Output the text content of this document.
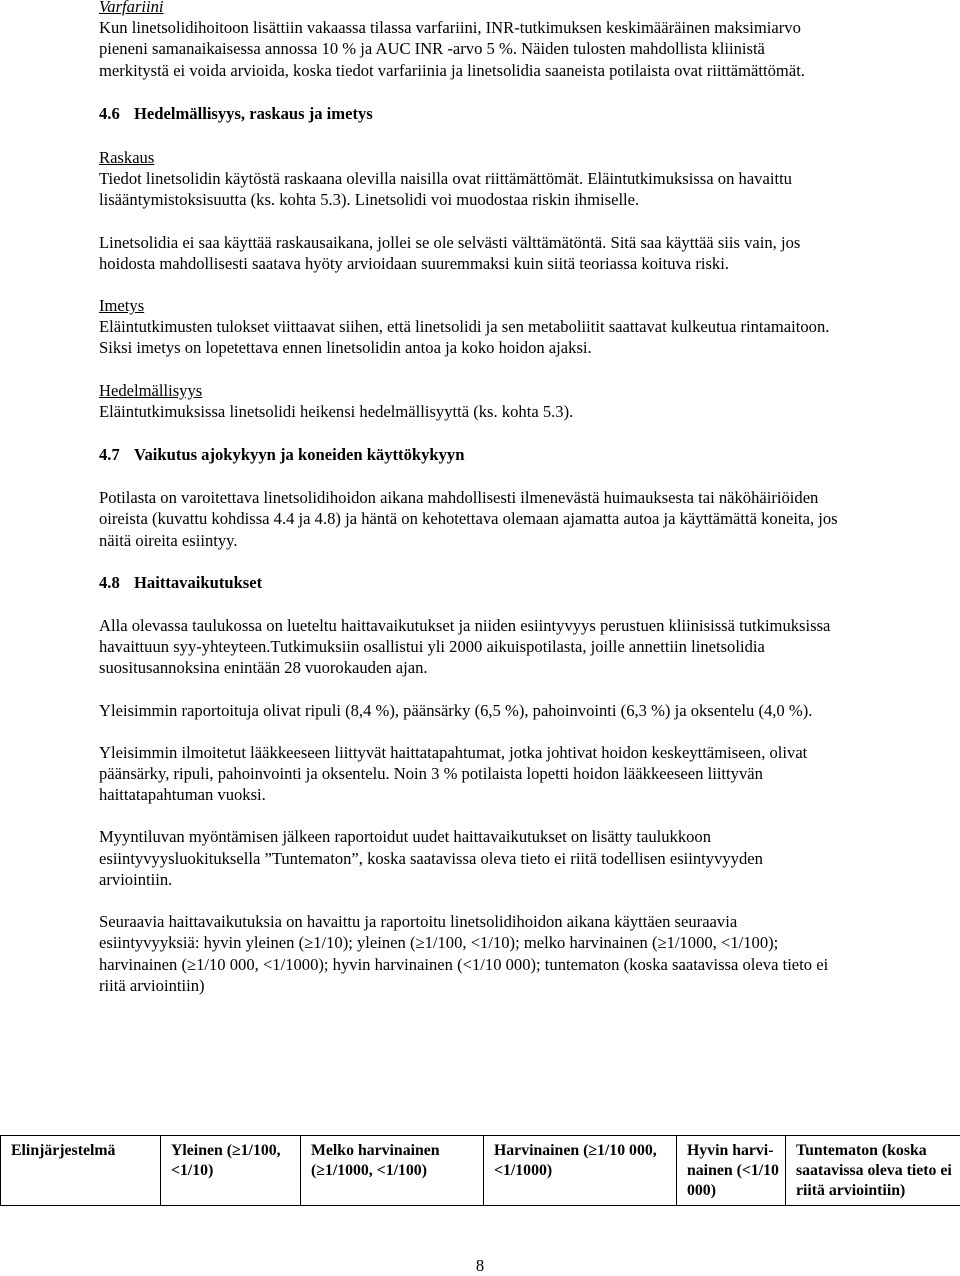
Varfariini

Kun linetsolidihoitoon lisättiin vakaassa tilassa varfariini, INR-tutkimuksen keskimääräinen maksimiarvo pieneni samanaikaisessa annossa 10 % ja AUC INR -arvo 5 %. Näiden tulosten mahdollista kliinistä merkitystä ei voida arvioida, koska tiedot varfariinia ja linetsolidia saaneista potilaista ovat riittämättömät.

4.6 Hedelmällisyys, raskaus ja imetys

Raskaus

Tiedot linetsolidin käytöstä raskaana olevilla naisilla ovat riittämättömät. Eläintutkimuksissa on havaittu lisääntymistoksisuutta (ks. kohta 5.3). Linetsolidi voi muodostaa riskin ihmiselle.

Linetsolidia ei saa käyttää raskausaikana, jollei se ole selvästi välttämätöntä. Sitä saa käyttää siis vain, jos hoidosta mahdollisesti saatava hyöty arvioidaan suuremmaksi kuin siitä teoriassa koituva riski.

Imetys

Eläintutkimusten tulokset viittaavat siihen, että linetsolidi ja sen metaboliitit saattavat kulkeutua rintamaitoon. Siksi imetys on lopetettava ennen linetsolidin antoa ja koko hoidon ajaksi.

Hedelmällisyys

Eläintutkimuksissa linetsolidi heikensi hedelmällisyyttä (ks. kohta 5.3).

4.7 Vaikutus ajokykyyn ja koneiden käyttökykyyn

Potilasta on varoitettava linetsolidihoidon aikana mahdollisesti ilmenevästä huimauksesta tai näköhäiriöiden oireista (kuvattu kohdissa 4.4 ja 4.8) ja häntä on kehotettava olemaan ajamatta autoa ja käyttämättä koneita, jos näitä oireita esiintyy.

4.8 Haittavaikutukset

Alla olevassa taulukossa on lueteltu haittavaikutukset ja niiden esiintyvyys perustuen kliinisissä tutkimuksissa havaittuun syy-yhteyteen.Tutkimuksiin osallistui yli 2000 aikuispotilasta, joille annettiin linetsolidia suositusannoksina enintään 28 vuorokauden ajan.

Yleisimmin raportoituja olivat ripuli (8,4 %), päänsärky (6,5 %), pahoinvointi (6,3 %) ja oksentelu (4,0 %).

Yleisimmin ilmoitetut lääkkeeseen liittyvät haittatapahtumat, jotka johtivat hoidon keskeyttämiseen, olivat päänsärky, ripuli, pahoinvointi ja oksentelu. Noin 3 % potilaista lopetti hoidon lääkkeeseen liittyvän haittatapahtuman vuoksi.

Myyntiluvan myöntämisen jälkeen raportoidut uudet haittavaikutukset on lisätty taulukkoon esiintyvyysluokituksella ”Tuntematon”, koska saatavissa oleva tieto ei riitä todellisen esiintyvyyden arviointiin.

Seuraavia haittavaikutuksia on havaittu ja raportoitu linetsolidihoidon aikana käyttäen seuraavia esiintyvyyksiä: hyvin yleinen (≥1/10); yleinen (≥1/100, <1/10); melko harvinainen (≥1/1000, <1/100); harvinainen (≥1/10 000, <1/1000); hyvin harvinainen (<1/10 000); tuntematon (koska saatavissa oleva tieto ei riitä arviointiin)

Elinjärjestelmä	Yleinen (≥1/100, <1/10)	Melko harvinainen (≥1/1000, <1/100)	Harvinainen (≥1/10 000, <1/1000)	Hyvin harvi-nainen (<1/10 000)	Tuntematon (koska saatavissa oleva tieto ei riitä arviointiin)
8
